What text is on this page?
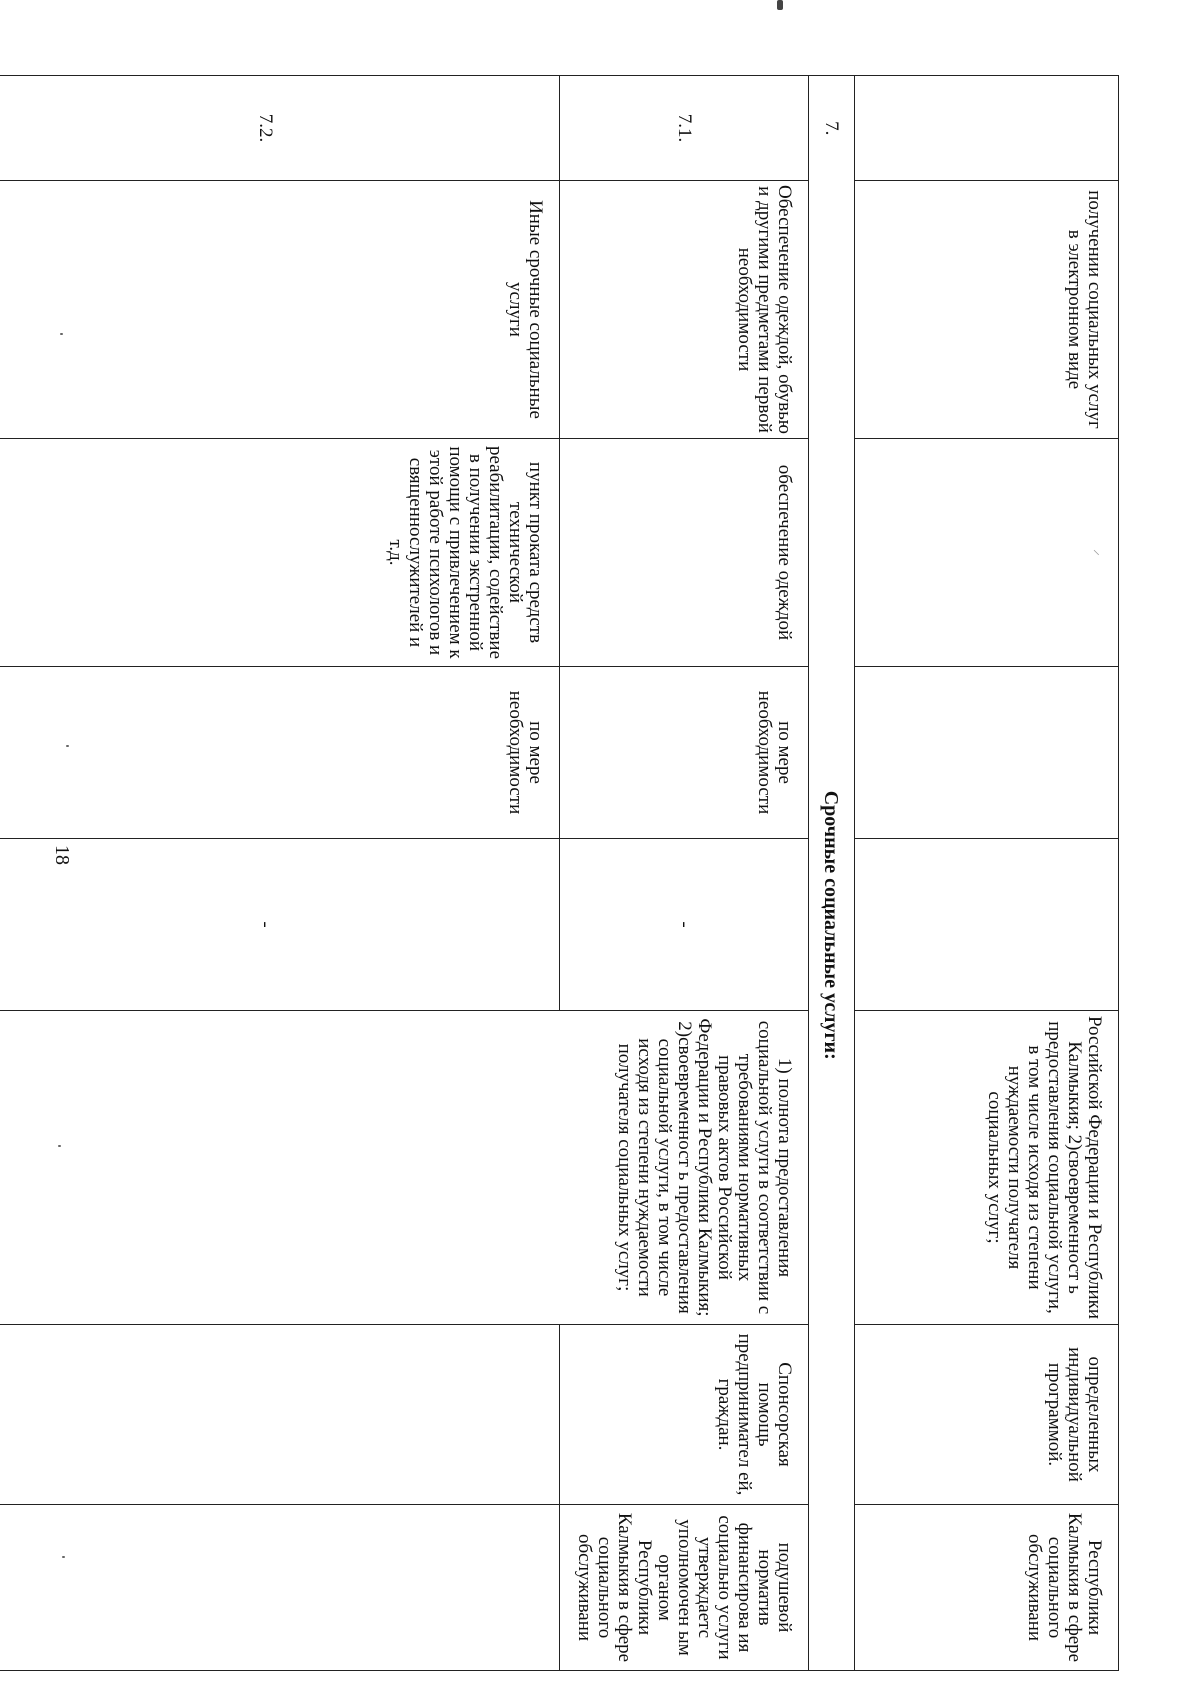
18
	получении социальных услуг в электронном виде	⸍			Российской Федерации и Республики Калмыкия; 2)своевременност ь предоставления социальной услуги, в том числе исходя из степени нуждаемости получателя социальных услуг;	определенных индивидуальной программой.	Республики Калмыкия в сфере социального обслуживани
7.	Срочные социальные услуги:						
7.1.	Обеспечение одеждой, обувью и другими предметами первой необходимости	обеспечение одеждой	по мере необходимости	-	1) полнота предоставления социальной услуги в соответствии с требованиями нормативных правовых актов Российской Федерации и Республики Калмыкия; 2)своевременност ь предоставления социальной услуги, в том числе исходя из степени нуждаемости получателя социальных услуг;	Спонсорская помощь предпринимател ей, граждан.	подушевой норматив финансирова ия социально услуги утверждаетс уполномочен ым органом Республики Калмыкия в сфере социального обслуживани
7.2.	Иные срочные социальные услуги	пункт проката средств технической реабилитации, содействие в получении экстренной помощи с привлечением к этой работе психологов и священнослужителей и т.д.	по мере необходимости	-			
